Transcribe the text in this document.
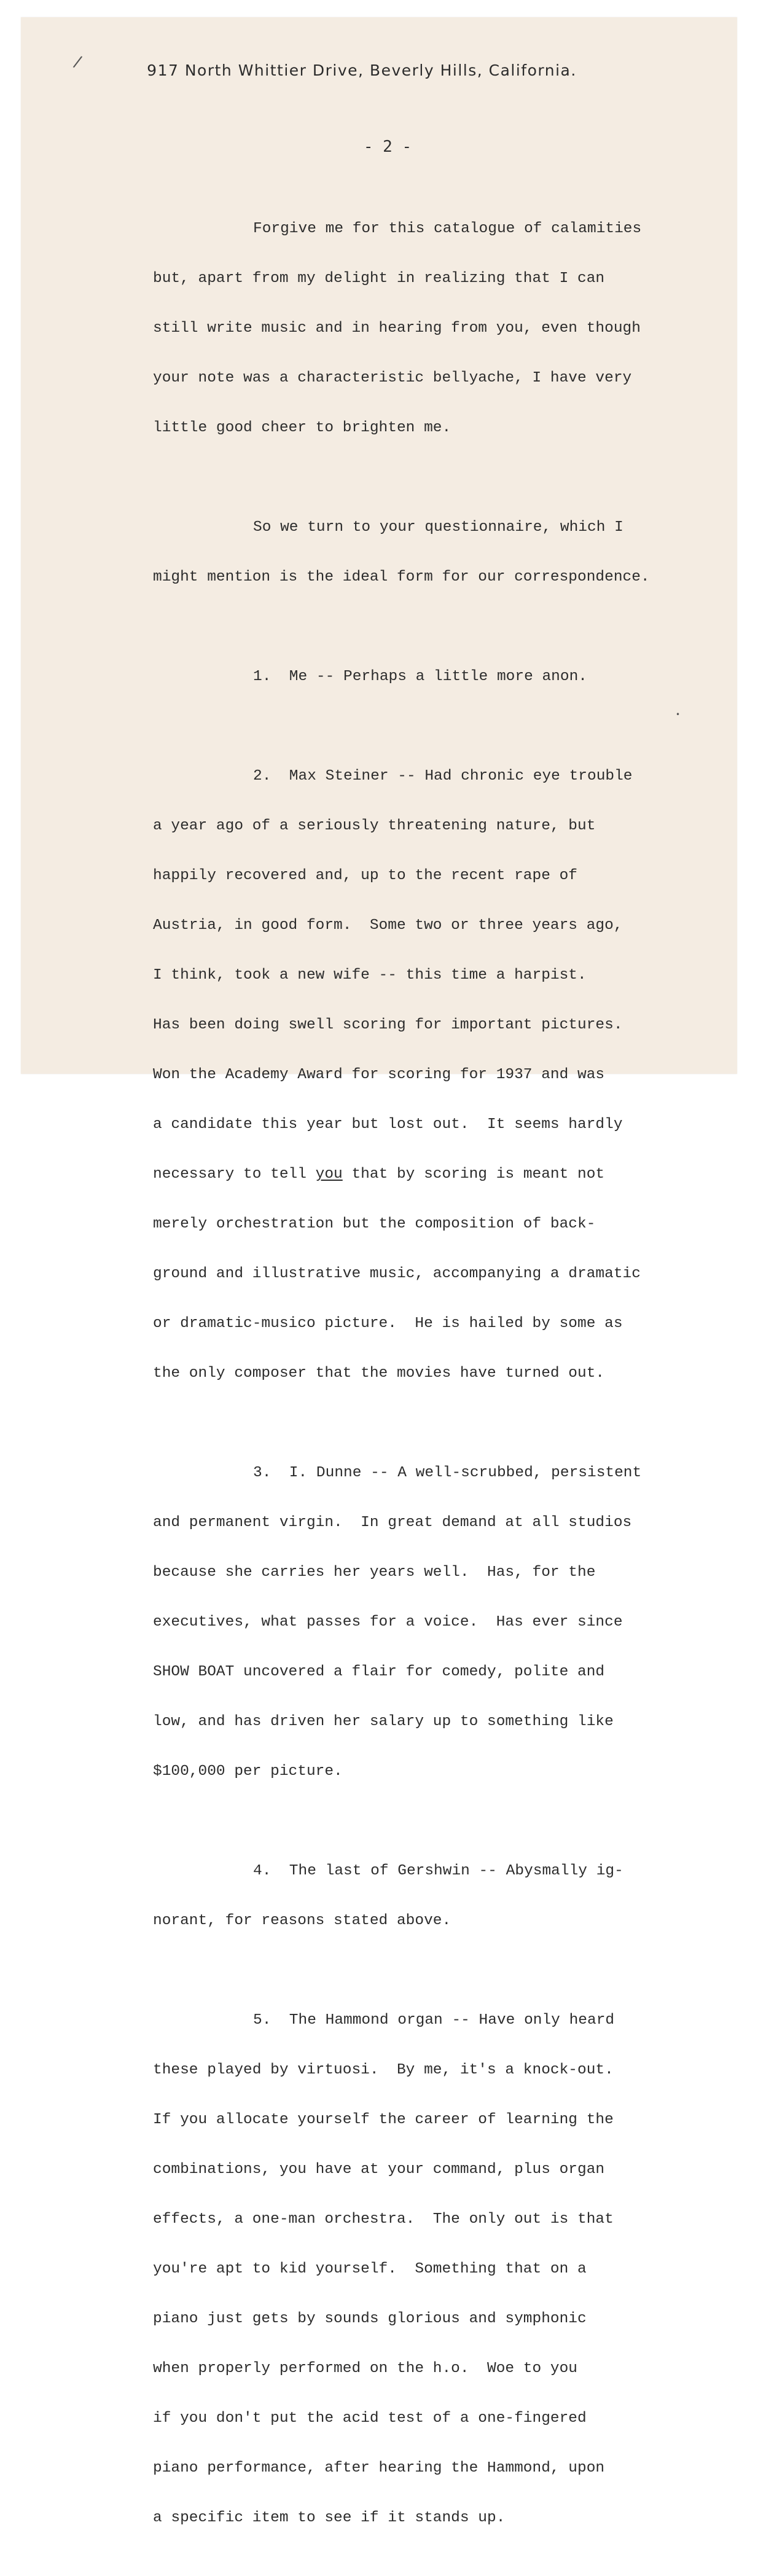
917 North Whittier Drive, Beverly Hills, California.
- 2 -

Forgive me for this catalogue of calamities

but, apart from my delight in realizing that I can

still write music and in hearing from you, even though

your note was a characteristic bellyache, I have very

little good cheer to brighten me.

So we turn to your questionnaire, which I

might mention is the ideal form for our correspondence.

1.  Me -- Perhaps a little more anon.

2.  Max Steiner -- Had chronic eye trouble

a year ago of a seriously threatening nature, but

happily recovered and, up to the recent rape of

Austria, in good form.  Some two or three years ago,

I think, took a new wife -- this time a harpist.

Has been doing swell scoring for important pictures.

Won the Academy Award for scoring for 1937 and was

a candidate this year but lost out.  It seems hardly

necessary to tell you that by scoring is meant not

merely orchestration but the composition of back-

ground and illustrative music, accompanying a dramatic

or dramatic-musico picture.  He is hailed by some as

the only composer that the movies have turned out.

3.  I. Dunne -- A well-scrubbed, persistent

and permanent virgin.  In great demand at all studios

because she carries her years well.  Has, for the

executives, what passes for a voice.  Has ever since

SHOW BOAT uncovered a flair for comedy, polite and

low, and has driven her salary up to something like

$100,000 per picture.

4.  The last of Gershwin -- Abysmally ig-

norant, for reasons stated above.

5.  The Hammond organ -- Have only heard

these played by virtuosi.  By me, it's a knock-out.

If you allocate yourself the career of learning the

combinations, you have at your command, plus organ

effects, a one-man orchestra.  The only out is that

you're apt to kid yourself.  Something that on a

piano just gets by sounds glorious and symphonic

when properly performed on the h.o.  Woe to you

if you don't put the acid test of a one-fingered

piano performance, after hearing the Hammond, upon

a specific item to see if it stands up.

/
•
